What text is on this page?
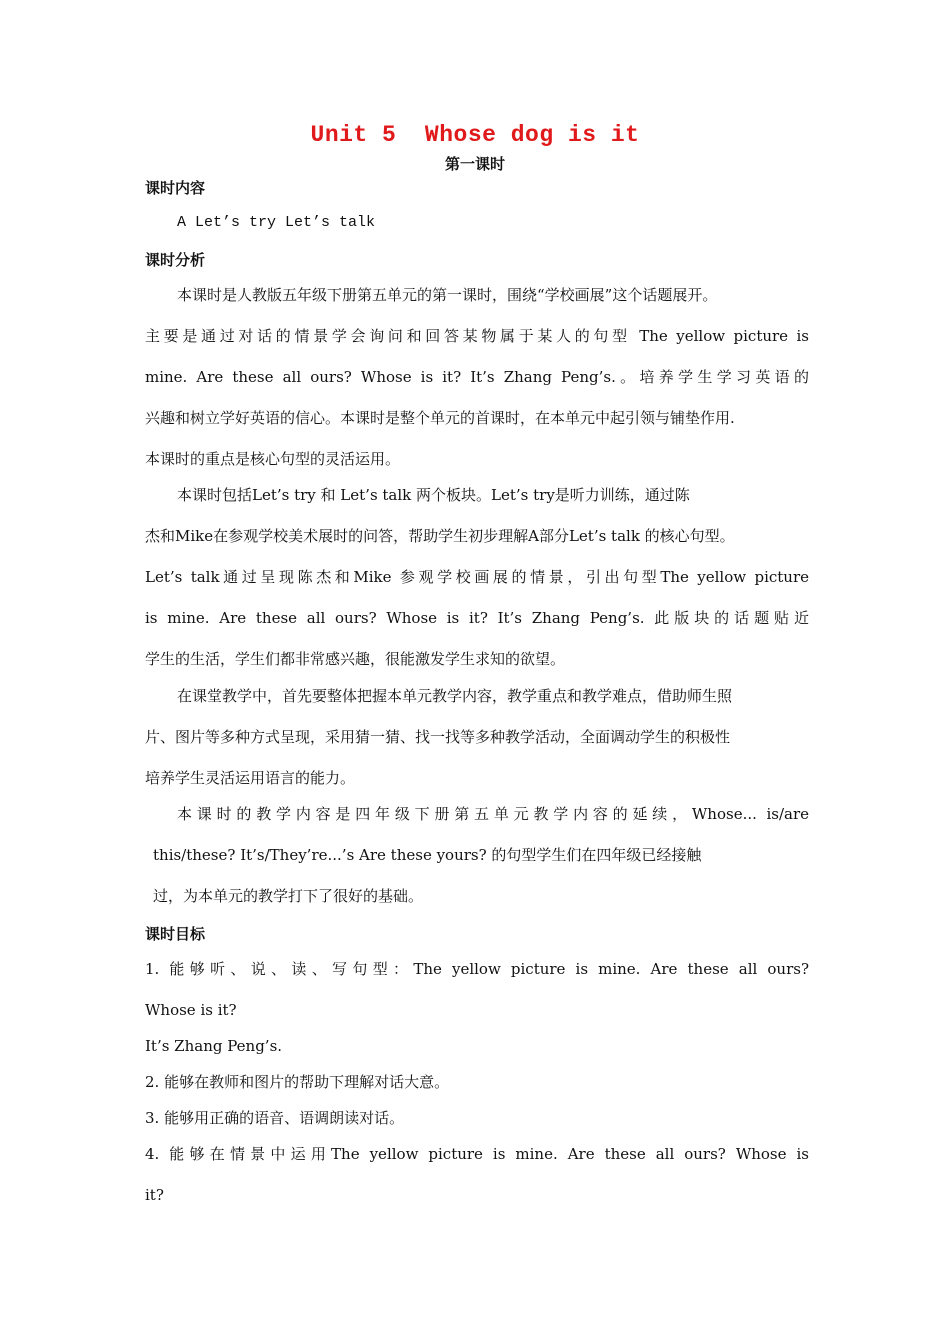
Unit 5  Whose dog is it
第一课时
课时内容
A Let’s try Let’s talk
课时分析
本课时是人教版五年级下册第五单元的第一课时，围绕“学校画展”这个话题展开。
主要是通过对话的情景学会询问和回答某物属于某人的句型 The yellow picture is
mine. Are these all ours? Whose is it? It’s Zhang Peng’s.。培养学生学习英语的
兴趣和树立学好英语的信心。本课时是整个单元的首课时，在本单元中起引领与铺垫作用.
本课时的重点是核心句型的灵活运用。
本课时包括Let’s try 和 Let’s talk 两个板块。Let’s try是听力训练，通过陈
杰和Mike在参观学校美术展时的问答，帮助学生初步理解A部分Let’s talk 的核心句型。
Let’s talk通过呈现陈杰和Mike 参观学校画展的情景，引出句型The yellow picture
is mine. Are these all ours? Whose is it? It’s Zhang Peng’s. 此版块的话题贴近
学生的生活，学生们都非常感兴趣，很能激发学生求知的欲望。
在课堂教学中，首先要整体把握本单元教学内容，教学重点和教学难点，借助师生照
片、图片等多种方式呈现，采用猜一猜、找一找等多种教学活动，全面调动学生的积极性
培养学生灵活运用语言的能力。
本课时的教学内容是四年级下册第五单元教学内容的延续，Whose... is/are
this/these? It’s/They’re...’s Are these yours? 的句型学生们在四年级已经接触
过，为本单元的教学打下了很好的基础。
课时目标
1. 能够听、说、读、写句型：The yellow picture is mine. Are these all ours?
Whose is it?
It’s Zhang Peng’s.
2. 能够在教师和图片的帮助下理解对话大意。
3. 能够用正确的语音、语调朗读对话。
4. 能够在情景中运用The yellow picture is mine. Are these all ours? Whose is
it?
